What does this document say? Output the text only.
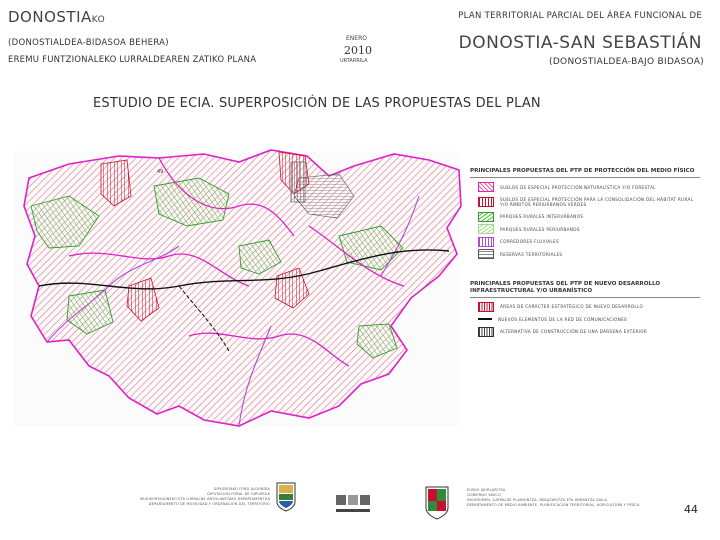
DONOSTIAKO
(DONOSTIALDEA-BIDASOA BEHERA)
EREMU FUNTZIONALEKO LURRALDEAREN ZATIKO PLANA
ENERO
2010
URTARRILA
PLAN TERRITORIAL PARCIAL DEL ÁREA FUNCIONAL DE
DONOSTIA-SAN SEBASTIÁN
(DONOSTIALDEA-BAJO BIDASOA)
ESTUDIO DE ECIA. SUPERPOSICIÓN DE LAS PROPUESTAS DEL PLAN
49	PRINCIPALES PROPUESTAS DEL PTP DE PROTECCIÓN DEL MEDIO FÍSICO
SUELOS DE ESPECIAL PROTECCIÓN NATURALÍSTICA Y/O FORESTAL
SUELOS DE ESPECIAL PROTECCIÓN PARA LA CONSOLIDACIÓN DEL HÁBITAT RURAL Y/O ÁMBITOS PERIURBANOS VERDES
PARQUES RURALES INTERURBANOS
PARQUES RURALES PERIURBANOS
CORREDORES FLUVIALES
RESERVAS TERRITORIALES
PRINCIPALES PROPUESTAS DEL PTP DE NUEVO DESARROLLO INFRAESTRUCTURAL Y/O URBANÍSTICO
ÁREAS DE CARÁCTER ESTRATÉGICO DE NUEVO DESARROLLO
NUEVOS ELEMENTOS DE LA RED DE COMUNICACIONES
ALTERNATIVA DE CONSTRUCCIÓN DE UNA DÁRSENA EXTERIOR
GIPUZKOAKO FORU ALDUNDIA
DIPUTACIÓN FORAL DE GIPUZKOA
MUGIKORTASUNEKO ETA LURRALDE ANTOLAKETAKO DEPARTAMENTUA
DEPARTAMENTO DE MOVILIDAD Y ORDENACIÓN DEL TERRITORIO
EUSKO JAURLARITZA
GOBIERNO VASCO
INGURUMEN, LURRALDE PLANGINTZA, NEKAZARITZA ETA ARRANTZA SAILA
DEPARTAMENTO DE MEDIO AMBIENTE, PLANIFICACIÓN TERRITORIAL, AGRICULTURA Y PESCA	44
